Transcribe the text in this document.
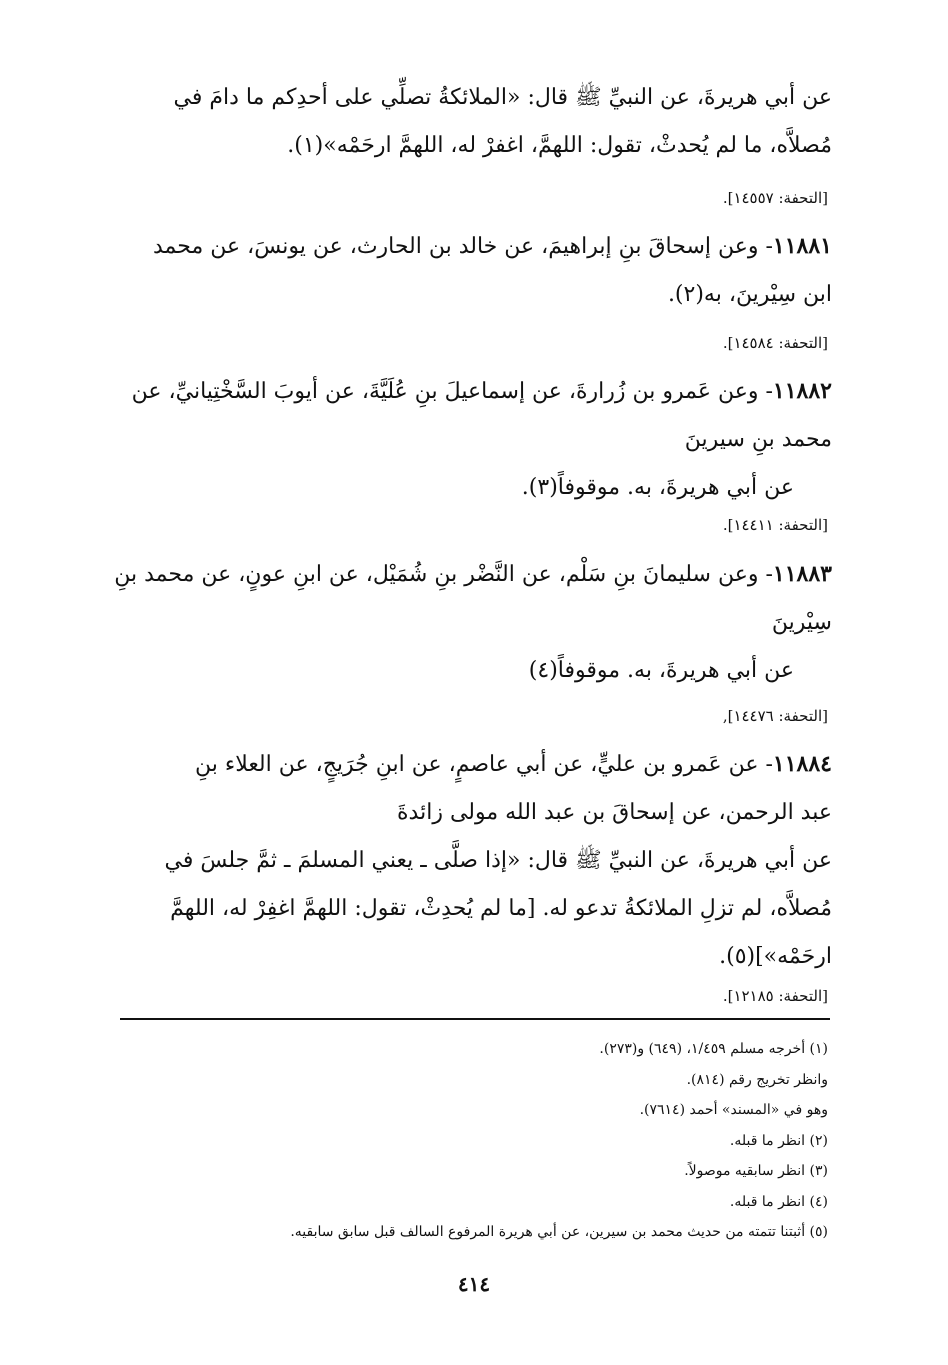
عن أبي هريرةَ، عن النبيِّ ﷺ قال: «الملائكةُ تصلِّي على أحدِكم ما دامَ في
مُصلاَّه، ما لم يُحدثْ، تقول: اللهمَّ، اغفرْ له، اللهمَّ ارحَمْه»(١).
[التحفة: ١٤٥٥٧].
١١٨٨١- وعن إسحاقَ بنِ إبراهيمَ، عن خالد بن الحارث، عن يونسَ، عن محمد
ابن سِيْرينَ، به(٢).
[التحفة: ١٤٥٨٤].
١١٨٨٢- وعن عَمرو بن زُرارةَ، عن إسماعيلَ بنِ عُلَيَّةَ، عن أيوبَ السَّخْتِيانيِّ، عن
محمد بنِ سيرينَ
عن أبي هريرةَ، به. موقوفاً(٣).
[التحفة: ١٤٤١١].
١١٨٨٣- وعن سليمانَ بنِ سَلْم، عن النَّضْر بنِ شُمَيْل، عن ابنِ عونٍ، عن محمد بنِ
سِيْرينَ
عن أبي هريرةَ، به. موقوفاً(٤)
[التحفة: ١٤٤٧٦],
١١٨٨٤- عن عَمرو بن عليٍّ، عن أبي عاصمٍ، عن ابنِ جُرَيجٍ، عن العلاء بنِ
عبد الرحمن، عن إسحاقَ بن عبد الله مولى زائدةَ
عن أبي هريرةَ، عن النبيِّ ﷺ قال: «إذا صلَّى ـ يعني المسلمَ ـ ثمَّ جلسَ في
مُصلاَّه، لم تزلِ الملائكةُ تدعو له. [ما لم يُحدِثْ، تقول: اللهمَّ اغفِرْ له، اللهمَّ
ارحَمْه»](٥).
[التحفة: ١٢١٨٥].
(١) أخرجه مسلم ١/٤٥٩، (٦٤٩) و(٢٧٣).
وانظر تخريج رقم (٨١٤).
وهو في «المسند» أحمد (٧٦١٤).
(٢) انظر ما قبله.
(٣) انظر سابقيه موصولاً.
(٤) انظر ما قبله.
(٥) أثبتنا تتمته من حديث محمد بن سيرين، عن أبي هريرة المرفوع السالف قبل سابق سابقيه.
٤١٤
